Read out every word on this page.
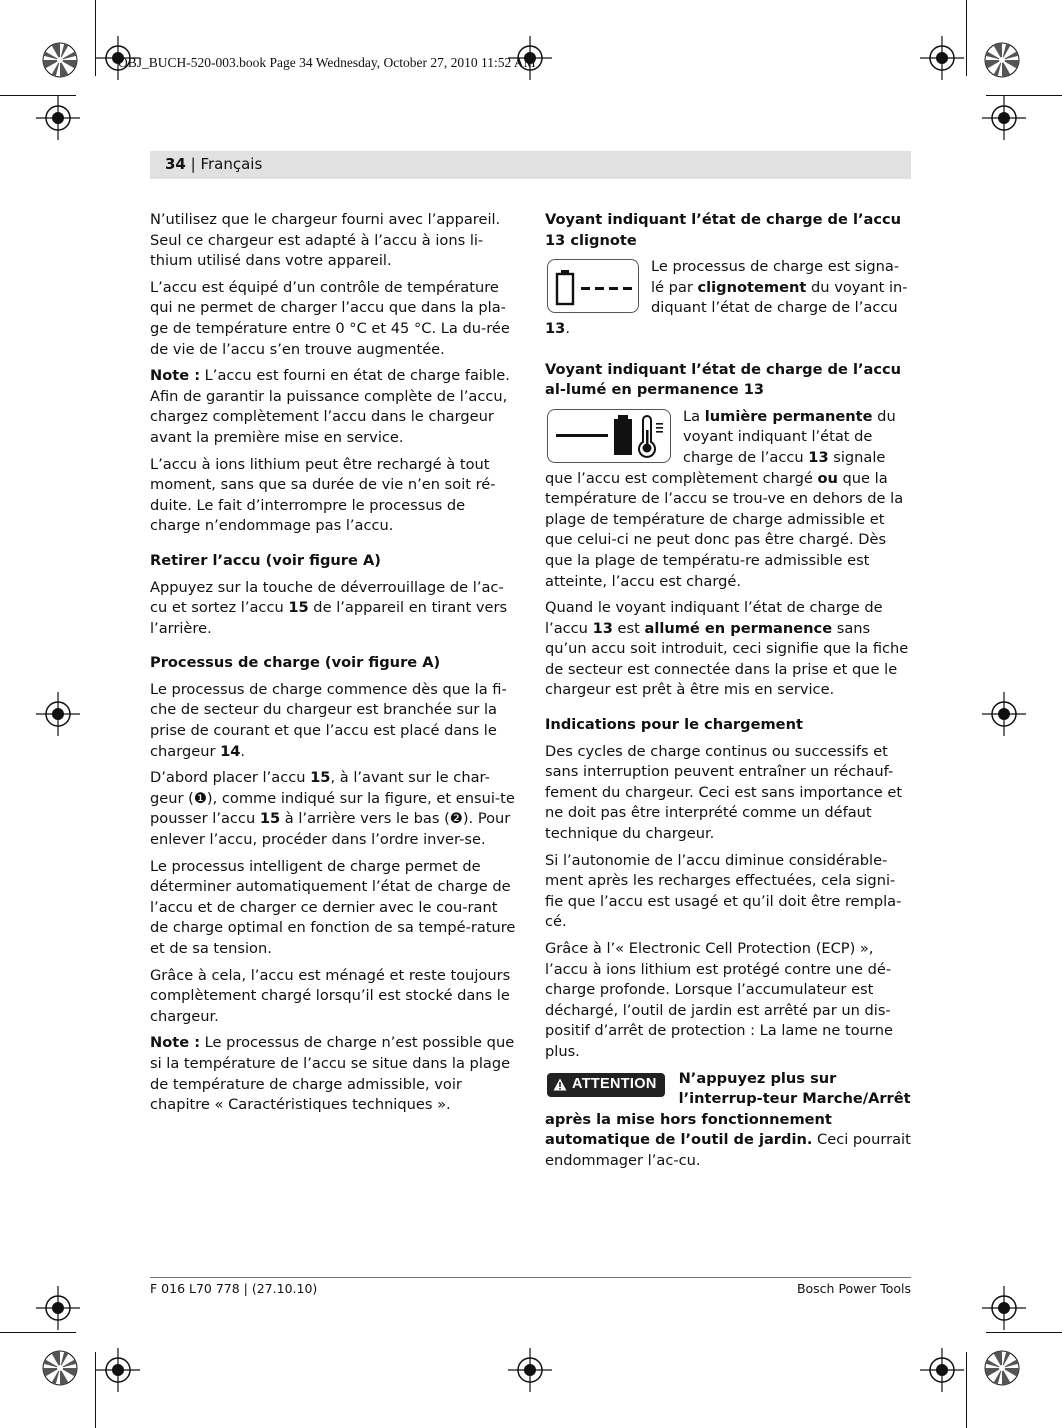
OBJ_BUCH-520-003.book Page 34 Wednesday, October 27, 2010 11:52 AM
34 | Français

N’utilisez que le chargeur fourni avec l’appareil. Seul ce chargeur est adapté à l’accu à ions li-thium utilisé dans votre appareil.

L’accu est équipé d’un contrôle de température qui ne permet de charger l’accu que dans la pla-ge de température entre 0 °C et 45 °C. La du-rée de vie de l’accu s’en trouve augmentée.

Note : L’accu est fourni en état de charge faible. Afin de garantir la puissance complète de l’accu, chargez complètement l’accu dans le chargeur avant la première mise en service.

L’accu à ions lithium peut être rechargé à tout moment, sans que sa durée de vie n’en soit ré-duite. Le fait d’interrompre le processus de charge n’endommage pas l’accu.

Retirer l’accu (voir figure A)

Appuyez sur la touche de déverrouillage de l’ac-cu et sortez l’accu 15 de l’appareil en tirant vers l’arrière.

Processus de charge (voir figure A)

Le processus de charge commence dès que la fi-che de secteur du chargeur est branchée sur la prise de courant et que l’accu est placé dans le chargeur 14.

D’abord placer l’accu 15, à l’avant sur le char-geur (❶), comme indiqué sur la figure, et ensui-te pousser l’accu 15 à l’arrière vers le bas (❷). Pour enlever l’accu, procéder dans l’ordre inver-se.

Le processus intelligent de charge permet de déterminer automatiquement l’état de charge de l’accu et de charger ce dernier avec le cou-rant de charge optimal en fonction de sa tempé-rature et de sa tension.

Grâce à cela, l’accu est ménagé et reste toujours complètement chargé lorsqu’il est stocké dans le chargeur.

Note : Le processus de charge n’est possible que si la température de l’accu se situe dans la plage de température de charge admissible, voir chapitre « Caractéristiques techniques ».

Voyant indiquant l’état de charge de l’accu 13 clignote

Le processus de charge est signa-lé par clignotement du voyant in-diquant l’état de charge de l’accu 13.

Voyant indiquant l’état de charge de l’accu al-lumé en permanence 13

La lumière permanente du voyant indiquant l’état de charge de l’accu 13 signale que l’accu est complètement chargé ou que la température de l’accu se trou-ve en dehors de la plage de température de charge admissible et que celui-ci ne peut donc pas être chargé. Dès que la plage de températu-re admissible est atteinte, l’accu est chargé.

Quand le voyant indiquant l’état de charge de l’accu 13 est allumé en permanence sans qu’un accu soit introduit, ceci signifie que la fiche de secteur est connectée dans la prise et que le chargeur est prêt à être mis en service.

Indications pour le chargement

Des cycles de charge continus ou successifs et sans interruption peuvent entraîner un réchauf-fement du chargeur. Ceci est sans importance et ne doit pas être interprété comme un défaut technique du chargeur.

Si l’autonomie de l’accu diminue considérable-ment après les recharges effectuées, cela signi-fie que l’accu est usagé et qu’il doit être rempla-cé.

Grâce à l’« Electronic Cell Protection (ECP) », l’accu à ions lithium est protégé contre une dé-charge profonde. Lorsque l’accumulateur est déchargé, l’outil de jardin est arrêté par un dis-positif d’arrêt de protection : La lame ne tourne plus.

ATTENTION	N’appuyez plus sur l’interrup-teur Marche/Arrêt après la mise hors fonctionnement automatique de l’outil de jardin. Ceci pourrait endommager l’ac-cu.

F 016 L70 778 | (27.10.10)	Bosch Power Tools
